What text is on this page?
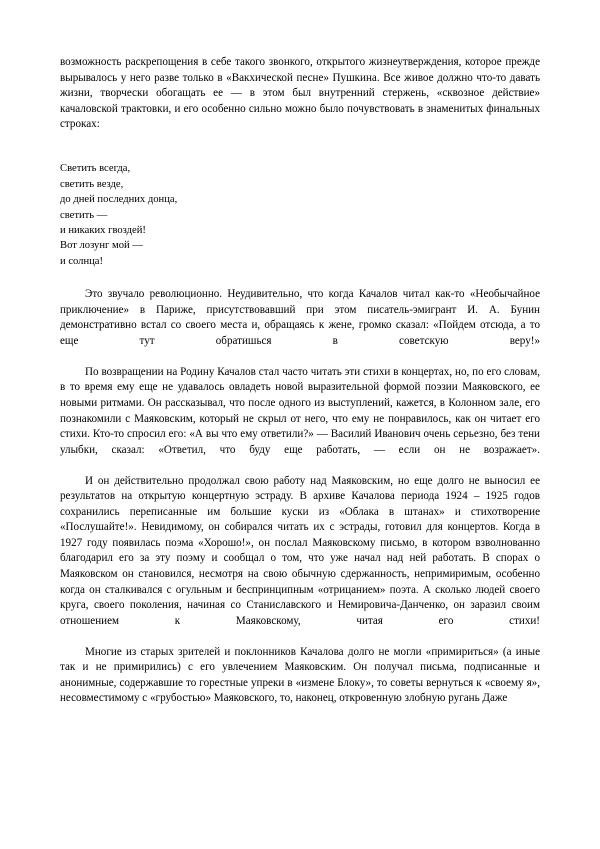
возможность раскрепощения в себе такого звонкого, открытого жизнеутверждения, которое прежде вырывалось у него разве только в «Вакхической песне» Пушкина. Все живое должно что-то давать жизни, творчески обогащать ее — в этом был внутренний стержень, «сквозное действие» качаловской трактовки, и его особенно сильно можно было почувствовать в знаменитых финальных строках:

Светить всегда,
светить везде,
до дней последних донца,
светить —
и никаких гвоздей!
Вот лозунг мой —
и солнца!

Это звучало революционно. Неудивительно, что когда Качалов читал как-то «Необычайное приключение» в Париже, присутствовавший при этом писатель-эмигрант И. А. Бунин демонстративно встал со своего места и, обращаясь к жене, громко сказал: «Пойдем отсюда, а то еще тут обратишься в советскую веру!»

По возвращении на Родину Качалов стал часто читать эти стихи в концертах, но, по его словам, в то время ему еще не удавалось овладеть новой выразительной формой поэзии Маяковского, ее новыми ритмами. Он рассказывал, что после одного из выступлений, кажется, в Колонном зале, его познакомили с Маяковским, который не скрыл от него, что ему не понравилось, как он читает его стихи. Кто-то спросил его: «А вы что ему ответили?» — Василий Иванович очень серьезно, без тени улыбки, сказал: «Ответил, что буду еще работать, — если он не возражает».

И он действительно продолжал свою работу над Маяковским, но еще долго не выносил ее результатов на открытую концертную эстраду. В архиве Качалова периода 1924 – 1925 годов сохранились переписанные им большие куски из «Облака в штанах» и стихотворение «Послушайте!». Невидимому, он собирался читать их с эстрады, готовил для концертов. Когда в 1927 году появилась поэма «Хорошо!», он послал Маяковскому письмо, в котором взволнованно благодарил его за эту поэму и сообщал о том, что уже начал над ней работать. В спорах о Маяковском он становился, несмотря на свою обычную сдержанность, непримиримым, особенно когда он сталкивался с огульным и беспринципным «отрицанием» поэта. А сколько людей своего круга, своего поколения, начиная со Станиславского и Немировича-Данченко, он заразил своим отношением к Маяковскому, читая его стихи!

Многие из старых зрителей и поклонников Качалова долго не могли «примириться» (а иные так и не примирились) с его увлечением Маяковским. Он получал письма, подписанные и анонимные, содержавшие то горестные упреки в «измене Блоку», то советы вернуться к «своему я», несовместимому с «грубостью» Маяковского, то, наконец, откровенную злобную ругань Даже
